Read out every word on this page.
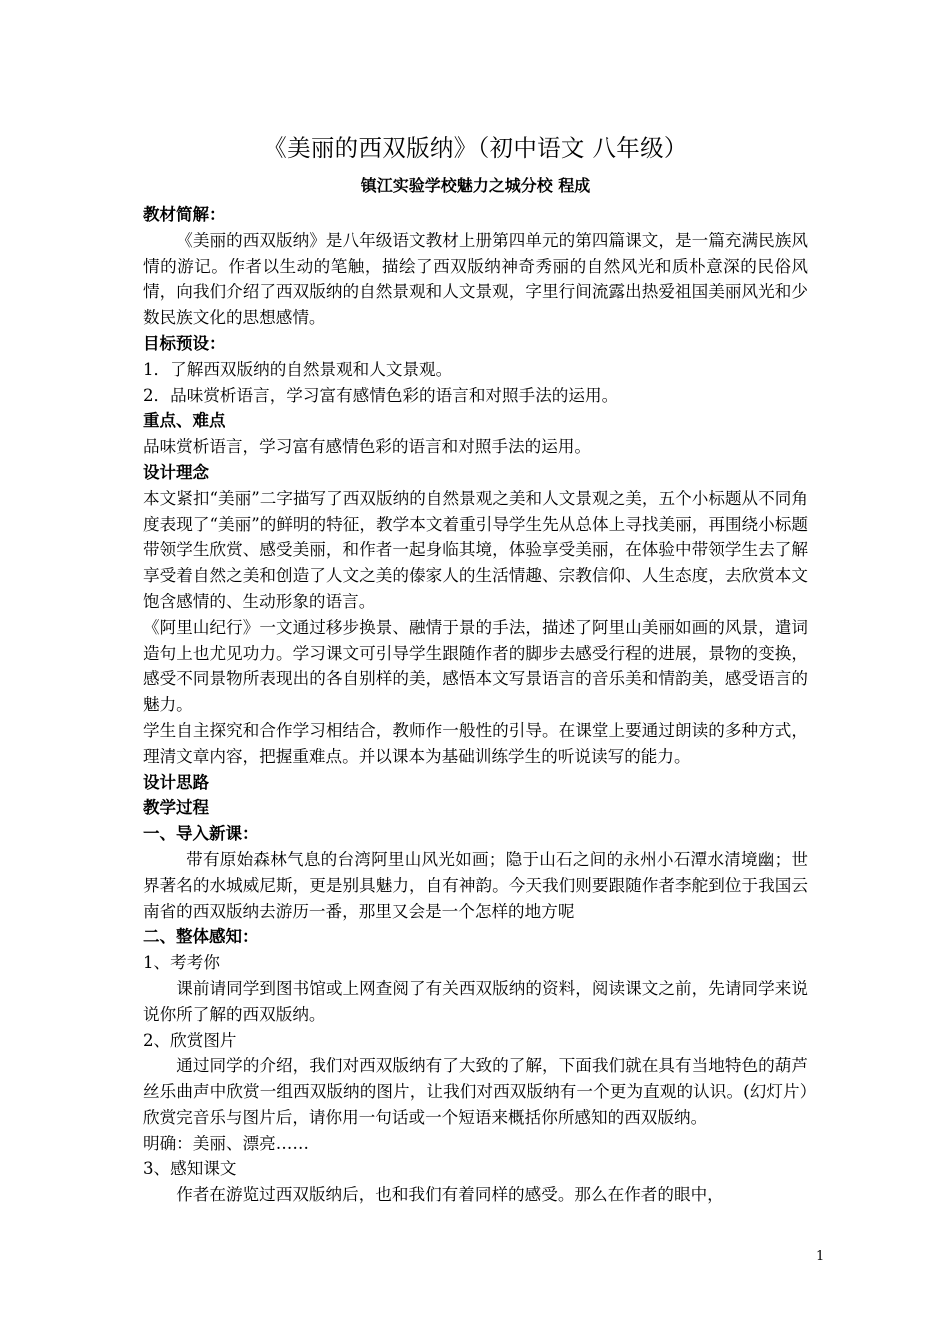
《美丽的西双版纳》（初中语文 八年级）
镇江实验学校魅力之城分校 程成
教材简解：

《美丽的西双版纳》是八年级语文教材上册第四单元的第四篇课文，是一篇充满民族风情的游记。作者以生动的笔触，描绘了西双版纳神奇秀丽的自然风光和质朴意深的民俗风情，向我们介绍了西双版纳的自然景观和人文景观，字里行间流露出热爱祖国美丽风光和少数民族文化的思想感情。

目标预设：

1．了解西双版纳的自然景观和人文景观。

2．品味赏析语言，学习富有感情色彩的语言和对照手法的运用。

重点、难点

品味赏析语言，学习富有感情色彩的语言和对照手法的运用。

设计理念

本文紧扣“美丽”二字描写了西双版纳的自然景观之美和人文景观之美，五个小标题从不同角度表现了“美丽”的鲜明的特征，教学本文着重引导学生先从总体上寻找美丽，再围绕小标题带领学生欣赏、感受美丽，和作者一起身临其境，体验享受美丽，在体验中带领学生去了解享受着自然之美和创造了人文之美的傣家人的生活情趣、宗教信仰、人生态度，去欣赏本文饱含感情的、生动形象的语言。

《阿里山纪行》一文通过移步换景、融情于景的手法，描述了阿里山美丽如画的风景，遣词造句上也尤见功力。学习课文可引导学生跟随作者的脚步去感受行程的进展，景物的变换，感受不同景物所表现出的各自别样的美，感悟本文写景语言的音乐美和情韵美，感受语言的魅力。

学生自主探究和合作学习相结合，教师作一般性的引导。在课堂上要通过朗读的多种方式，理清文章内容，把握重难点。并以课本为基础训练学生的听说读写的能力。

设计思路
教学过程
一、导入新课：

带有原始森林气息的台湾阿里山风光如画；隐于山石之间的永州小石潭水清境幽；世界著名的水城威尼斯，更是别具魅力，自有神韵。今天我们则要跟随作者李舵到位于我国云南省的西双版纳去游历一番，那里又会是一个怎样的地方呢

二、整体感知：

1、考考你

课前请同学到图书馆或上网查阅了有关西双版纳的资料，阅读课文之前，先请同学来说说你所了解的西双版纳。

2、欣赏图片

通过同学的介绍，我们对西双版纳有了大致的了解，下面我们就在具有当地特色的葫芦丝乐曲声中欣赏一组西双版纳的图片，让我们对西双版纳有一个更为直观的认识。(幻灯片）欣赏完音乐与图片后，请你用一句话或一个短语来概括你所感知的西双版纳。

明确：美丽、漂亮……

3、感知课文

作者在游览过西双版纳后，也和我们有着同样的感受。那么在作者的眼中，

1
